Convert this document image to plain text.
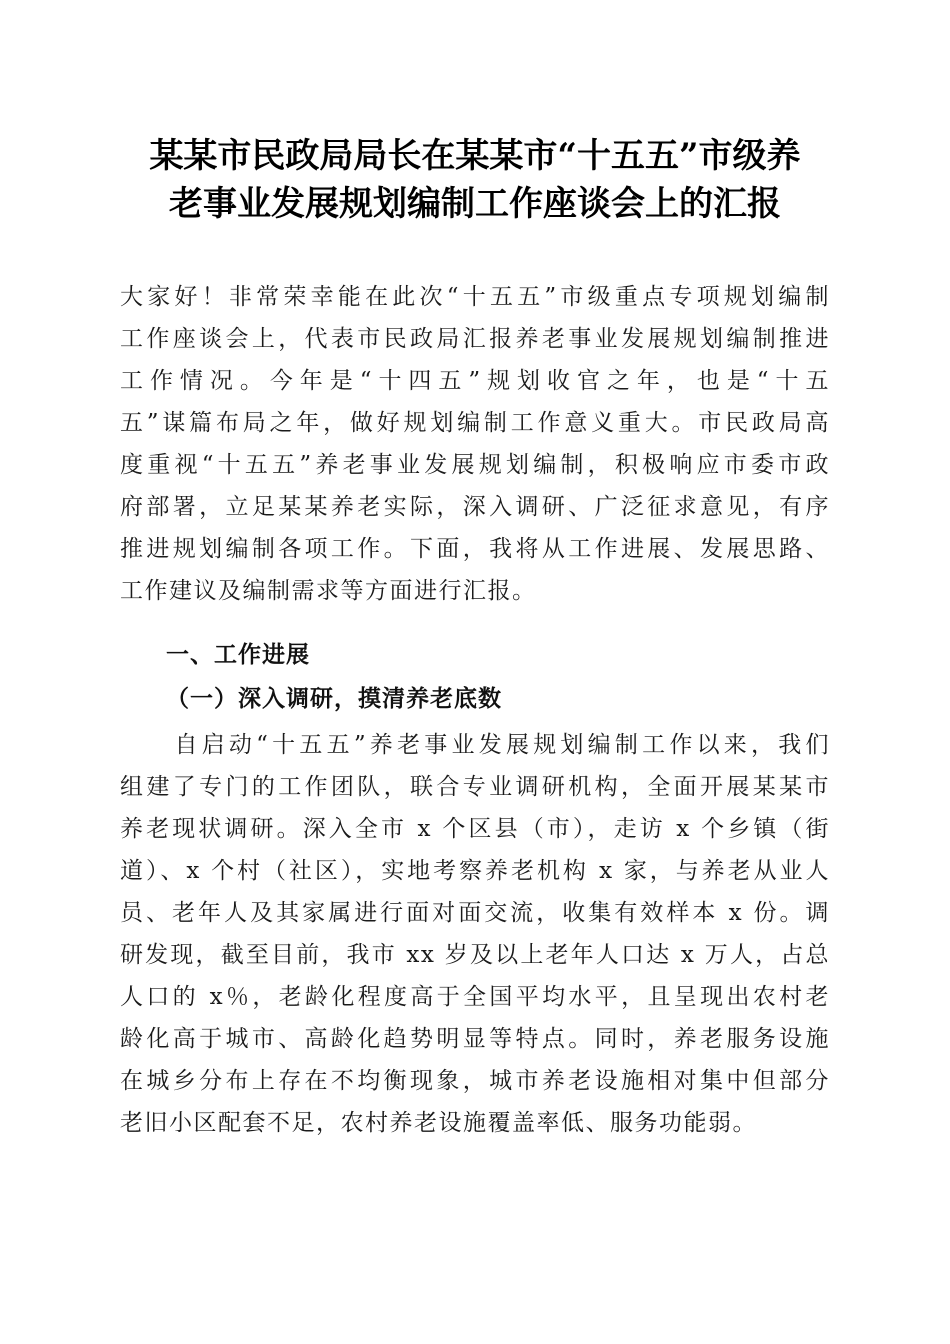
某某市民政局局长在某某市“十五五”市级养
老事业发展规划编制工作座谈会上的汇报
大家好！非常荣幸能在此次“十五五”市级重点专项规划编制
工作座谈会上，代表市民政局汇报养老事业发展规划编制推进
工作情况。今年是“十四五”规划收官之年，也是“十五
五”谋篇布局之年，做好规划编制工作意义重大。市民政局高
度重视“十五五”养老事业发展规划编制，积极响应市委市政
府部署，立足某某养老实际，深入调研、广泛征求意见，有序
推进规划编制各项工作。下面，我将从工作进展、发展思路、
工作建议及编制需求等方面进行汇报。
一、工作进展
（一）深入调研，摸清养老底数
　　自启动“十五五”养老事业发展规划编制工作以来，我们
组建了专门的工作团队，联合专业调研机构，全面开展某某市
养老现状调研。深入全市 x 个区县（市），走访 x 个乡镇（街
道）、x 个村（社区），实地考察养老机构 x 家，与养老从业人
员、老年人及其家属进行面对面交流，收集有效样本 x 份。调
研发现，截至目前，我市 xx 岁及以上老年人口达 x 万人，占总
人口的 x％，老龄化程度高于全国平均水平，且呈现出农村老
龄化高于城市、高龄化趋势明显等特点。同时，养老服务设施
在城乡分布上存在不均衡现象，城市养老设施相对集中但部分
老旧小区配套不足，农村养老设施覆盖率低、服务功能弱。
